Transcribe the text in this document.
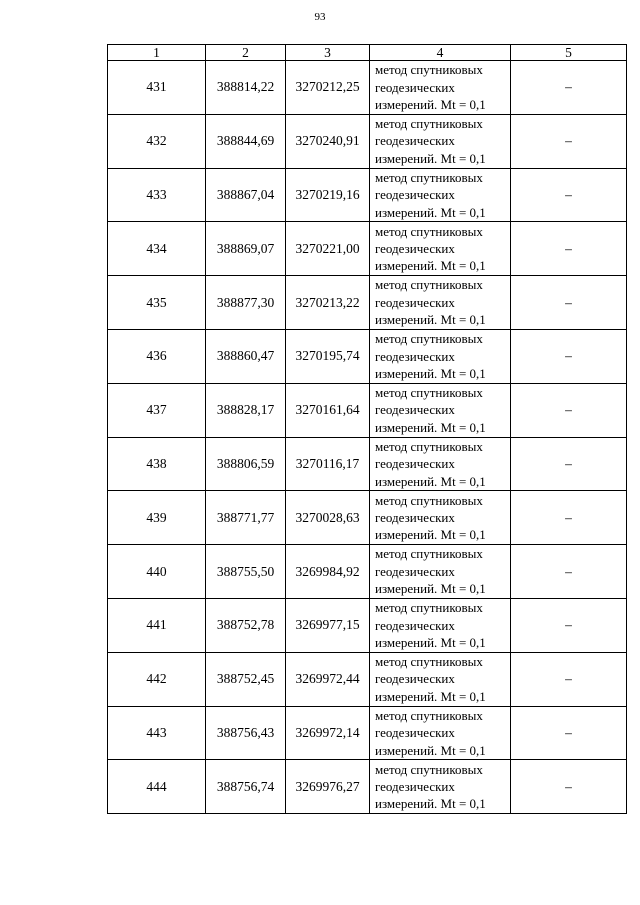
93
1	2	3	4	5
431	388814,22	3270212,25	метод спутниковых
геодезических
измерений. Mt = 0,1	–
432	388844,69	3270240,91	метод спутниковых
геодезических
измерений. Mt = 0,1	–
433	388867,04	3270219,16	метод спутниковых
геодезических
измерений. Mt = 0,1	–
434	388869,07	3270221,00	метод спутниковых
геодезических
измерений. Mt = 0,1	–
435	388877,30	3270213,22	метод спутниковых
геодезических
измерений. Mt = 0,1	–
436	388860,47	3270195,74	метод спутниковых
геодезических
измерений. Mt = 0,1	–
437	388828,17	3270161,64	метод спутниковых
геодезических
измерений. Mt = 0,1	–
438	388806,59	3270116,17	метод спутниковых
геодезических
измерений. Mt = 0,1	–
439	388771,77	3270028,63	метод спутниковых
геодезических
измерений. Mt = 0,1	–
440	388755,50	3269984,92	метод спутниковых
геодезических
измерений. Mt = 0,1	–
441	388752,78	3269977,15	метод спутниковых
геодезических
измерений. Mt = 0,1	–
442	388752,45	3269972,44	метод спутниковых
геодезических
измерений. Mt = 0,1	–
443	388756,43	3269972,14	метод спутниковых
геодезических
измерений. Mt = 0,1	–
444	388756,74	3269976,27	метод спутниковых
геодезических
измерений. Mt = 0,1	–
